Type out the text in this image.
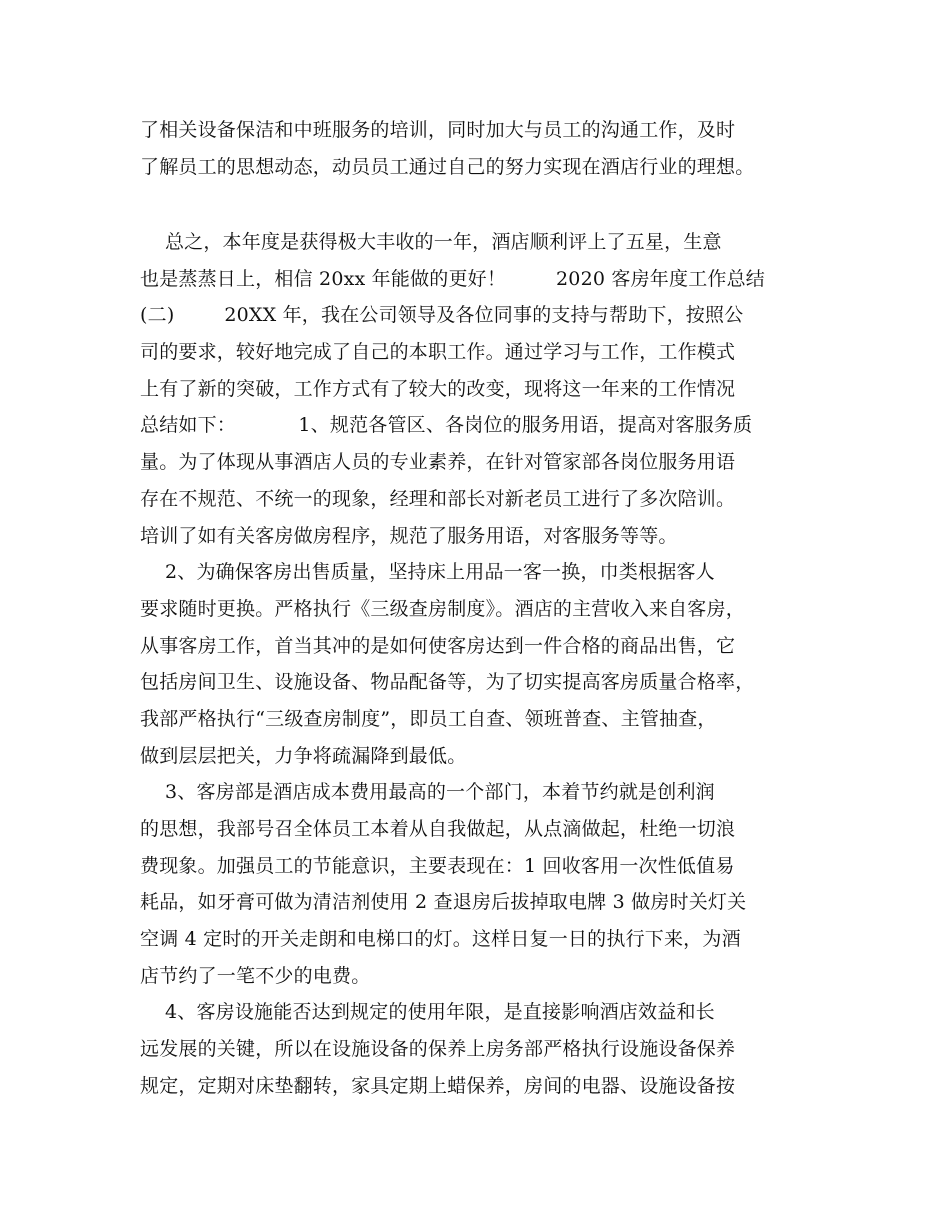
了相关设备保洁和中班服务的培训，同时加大与员工的沟通工作，及时
了解员工的思想动态，动员员工通过自己的努力实现在酒店行业的理想。
总之，本年度是获得极大丰收的一年，酒店顺利评上了五星，生意
也是蒸蒸日上，相信 20xx 年能做的更好！        2020 客房年度工作总结
(二)        20XX 年，我在公司领导及各位同事的支持与帮助下，按照公
司的要求，较好地完成了自己的本职工作。通过学习与工作，工作模式
上有了新的突破，工作方式有了较大的改变，现将这一年来的工作情况
总结如下：          1、规范各管区、各岗位的服务用语，提高对客服务质
量。为了体现从事酒店人员的专业素养，在针对管家部各岗位服务用语
存在不规范、不统一的现象，经理和部长对新老员工进行了多次陪训。
培训了如有关客房做房程序，规范了服务用语，对客服务等等。
2、为确保客房出售质量，坚持床上用品一客一换，巾类根据客人
要求随时更换。严格执行《三级查房制度》。酒店的主营收入来自客房，
从事客房工作，首当其冲的是如何使客房达到一件合格的商品出售，它
包括房间卫生、设施设备、物品配备等，为了切实提高客房质量合格率，
我部严格执行“三级查房制度”，即员工自查、领班普查、主管抽查，
做到层层把关，力争将疏漏降到最低。
3、客房部是酒店成本费用最高的一个部门，本着节约就是创利润
的思想，我部号召全体员工本着从自我做起，从点滴做起，杜绝一切浪
费现象。加强员工的节能意识，主要表现在：1 回收客用一次性低值易
耗品，如牙膏可做为清洁剂使用 2 查退房后拔掉取电牌 3 做房时关灯关
空调 4 定时的开关走朗和电梯口的灯。这样日复一日的执行下来，为酒
店节约了一笔不少的电费。
4、客房设施能否达到规定的使用年限，是直接影响酒店效益和长
远发展的关键，所以在设施设备的保养上房务部严格执行设施设备保养
规定，定期对床垫翻转，家具定期上蜡保养，房间的电器、设施设备按
